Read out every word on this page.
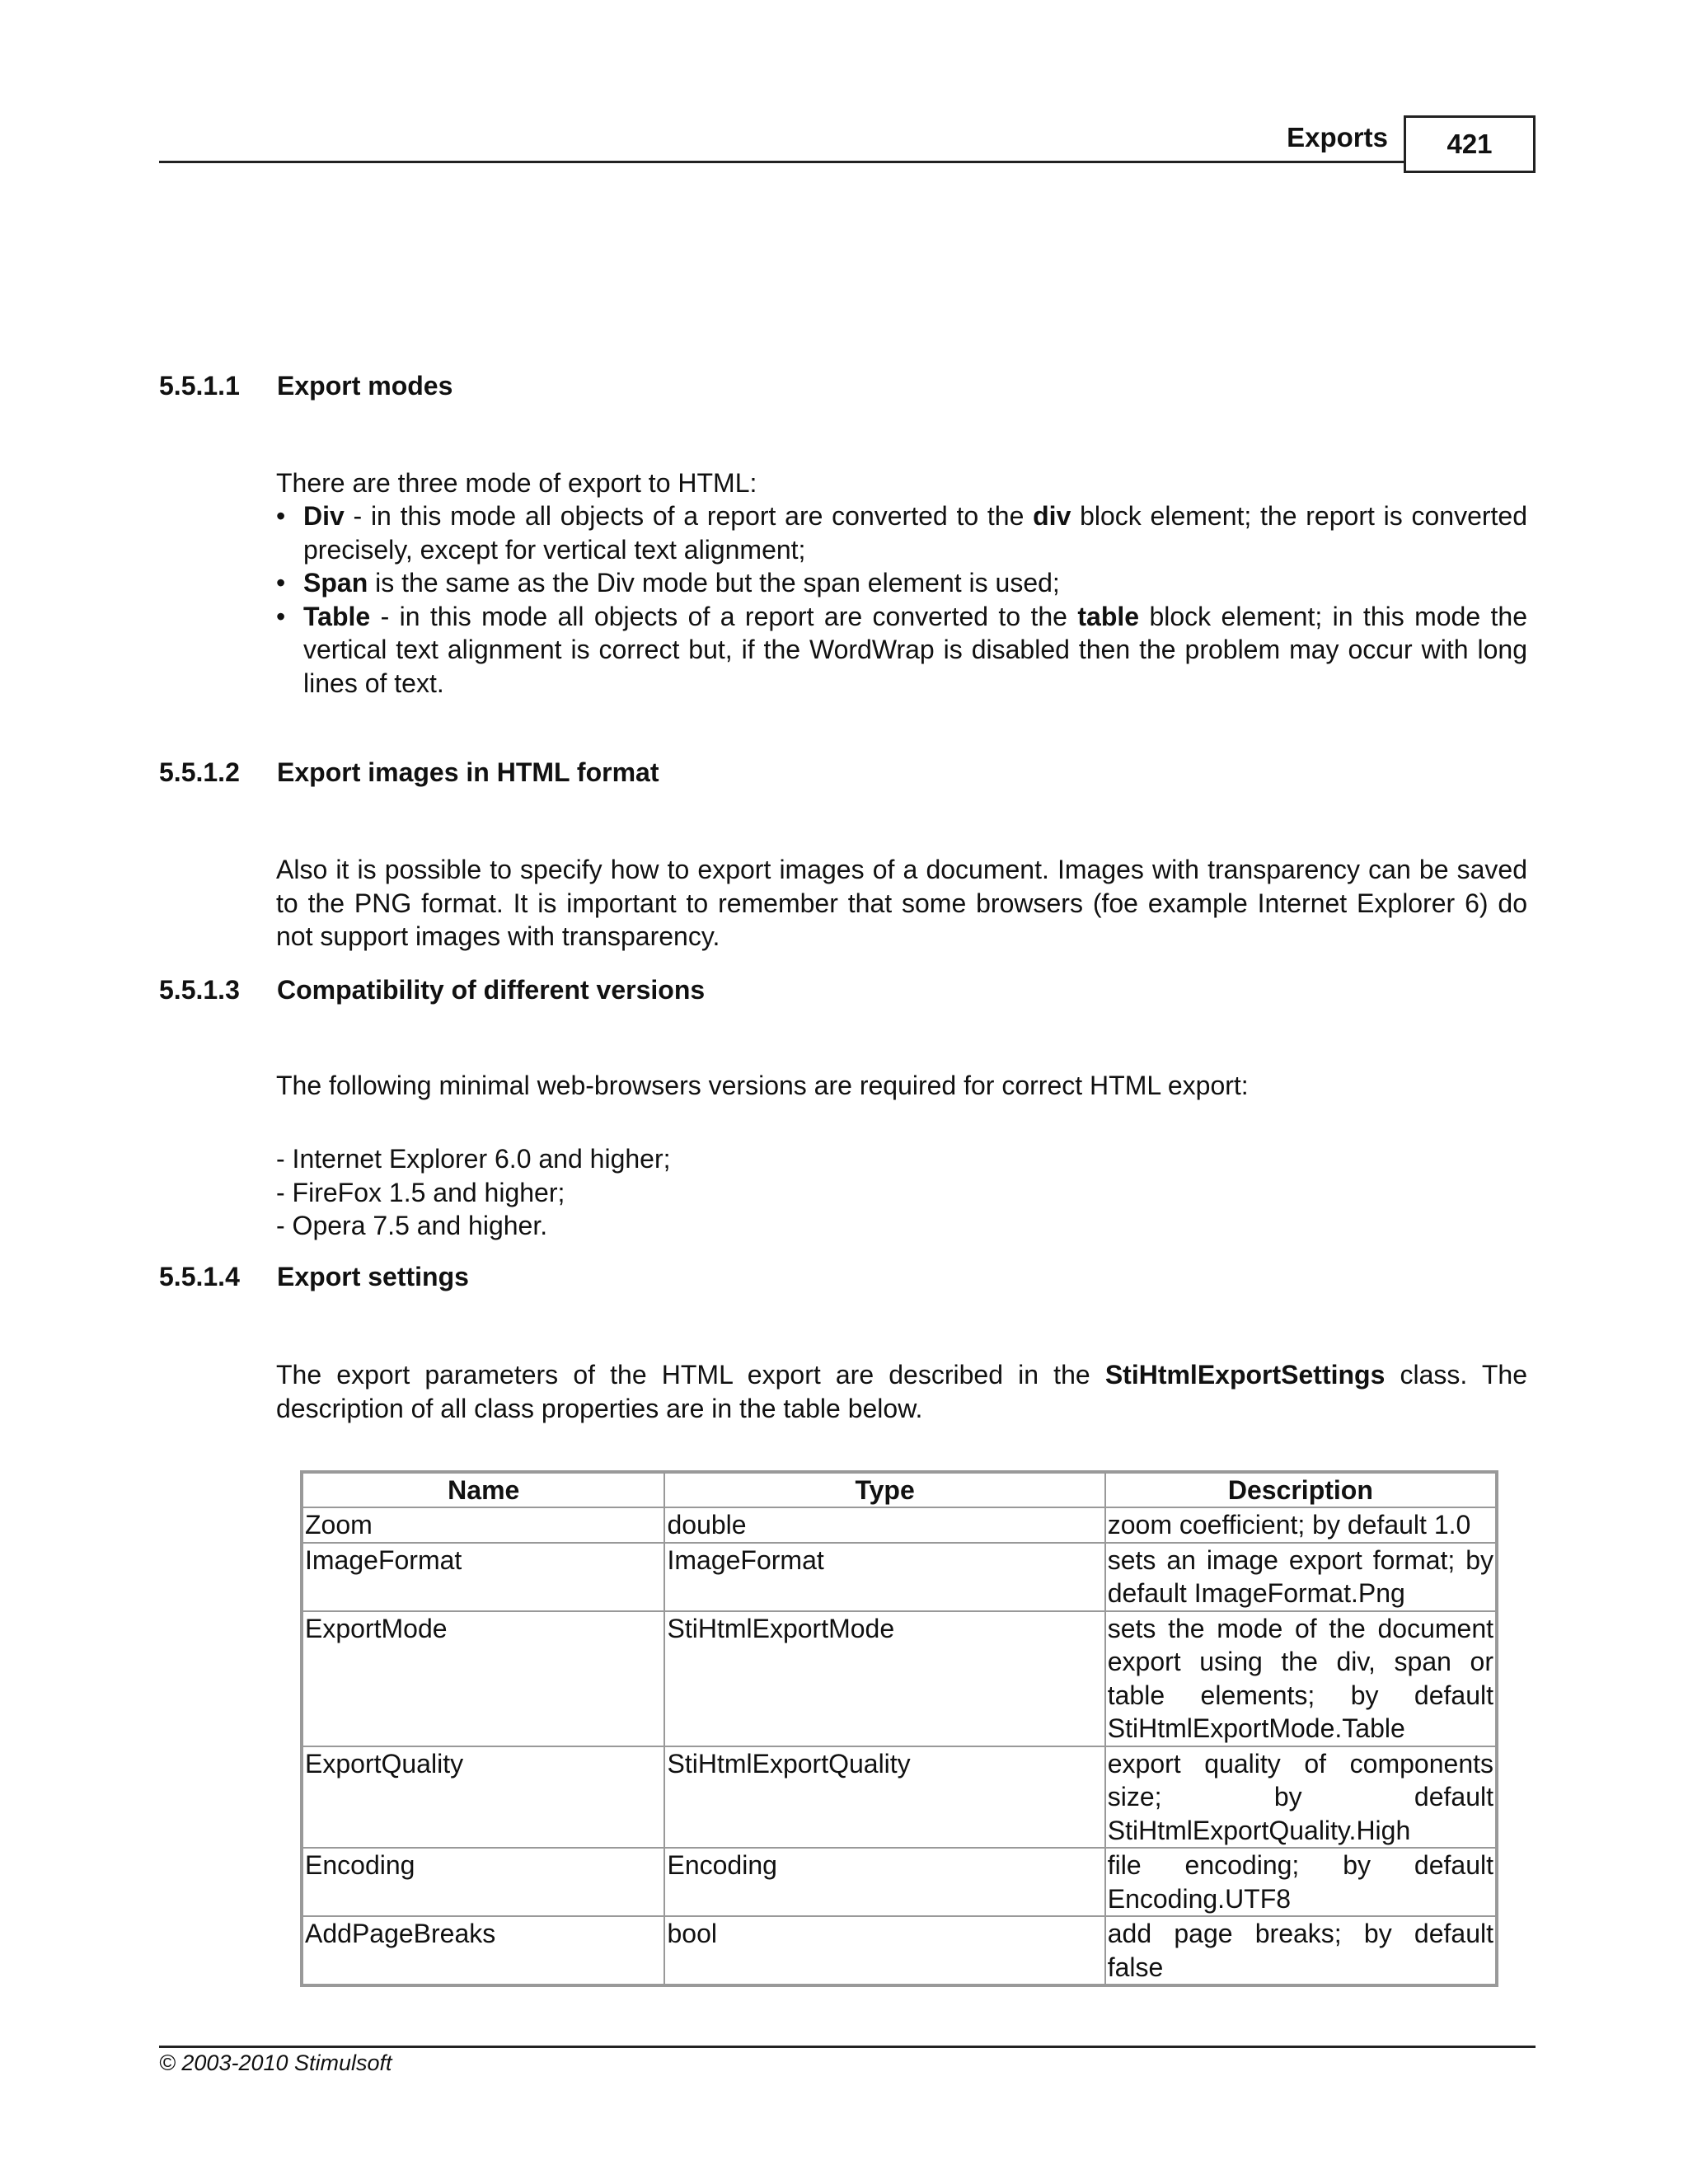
Exports	421
5.5.1.1 Export modes
There are three mode of export to HTML:
• Div - in this mode all objects of a report are converted to the div block element; the report is converted precisely, except for vertical text alignment;
• Span is the same as the Div mode but the span element is used;
• Table - in this mode all objects of a report are converted to the table block element; in this mode the vertical text alignment is correct but, if the WordWrap is disabled then the problem may occur with long lines of text.
5.5.1.2 Export images in HTML format
Also it is possible to specify how to export images of a document. Images with transparency can be saved to the PNG format. It is important to remember that some browsers (foe example Internet Explorer 6) do not support images with transparency.
5.5.1.3 Compatibility of different versions
The following minimal web-browsers versions are required for correct HTML export:
- Internet Explorer 6.0 and higher;
- FireFox 1.5 and higher;
- Opera 7.5 and higher.
5.5.1.4 Export settings
The export parameters of the HTML export are described in the StiHtmlExportSettings class. The description of all class properties are in the table below.
Name	Type	Description
Zoom	double	zoom coefficient; by default 1.0
ImageFormat	ImageFormat	sets an image export format; by default ImageFormat.Png
ExportMode	StiHtmlExportMode	sets the mode of the document export using the div, span or table elements; by default StiHtmlExportMode.Table
ExportQuality	StiHtmlExportQuality	export quality of components size; by default StiHtmlExportQuality.High
Encoding	Encoding	file encoding; by default Encoding.UTF8
AddPageBreaks	bool	add page breaks; by default false
© 2003-2010 Stimulsoft
